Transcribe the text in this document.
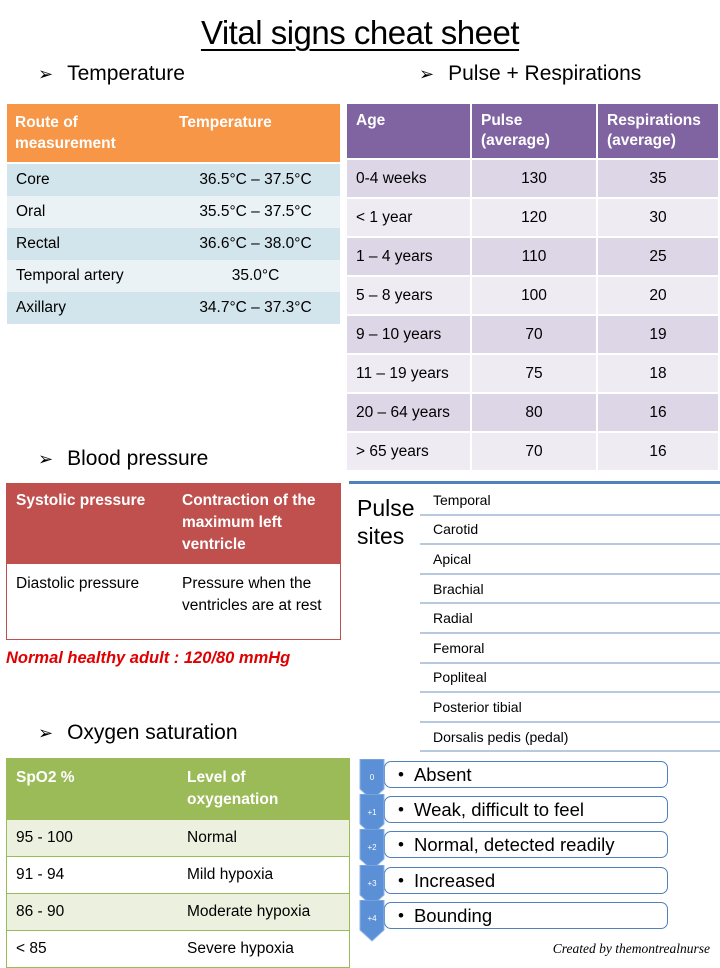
Vital signs cheat sheet
➢ Temperature	➢ Pulse + Respirations
➢ Blood pressure
➢ Oxygen saturation
Route of measurement	Temperature
Core	36.5°C – 37.5°C
Oral	35.5°C – 37.5°C
Rectal	36.6°C – 38.0°C
Temporal artery	35.0°C
Axillary	34.7°C – 37.3°C
Age	Pulse (average)	Respirations (average)
0-4 weeks	130	35
< 1 year	120	30
1 – 4 years	110	25
5 – 8 years	100	20
9 – 10 years	70	19
11 – 19 years	75	18
20 – 64 years	80	16
> 65 years	70	16
Systolic pressure	Contraction of the maximum left ventricle
Diastolic pressure	Pressure when the ventricles are at rest
Normal healthy adult : 120/80 mmHg
SpO2 %	Level of oxygenation
95 - 100	Normal
91 - 94	Mild hypoxia
86 - 90	Moderate hypoxia
< 85	Severe hypoxia
Pulse
sites
Temporal
Carotid
Apical
Brachial
Radial
Femoral
Popliteal
Posterior tibial
Dorsalis pedis (pedal)
• Absent
0
• Weak, difficult to feel
+1
• Normal, detected readily
+2
• Increased
+3
• Bounding
+4
Created by themontrealnurse
